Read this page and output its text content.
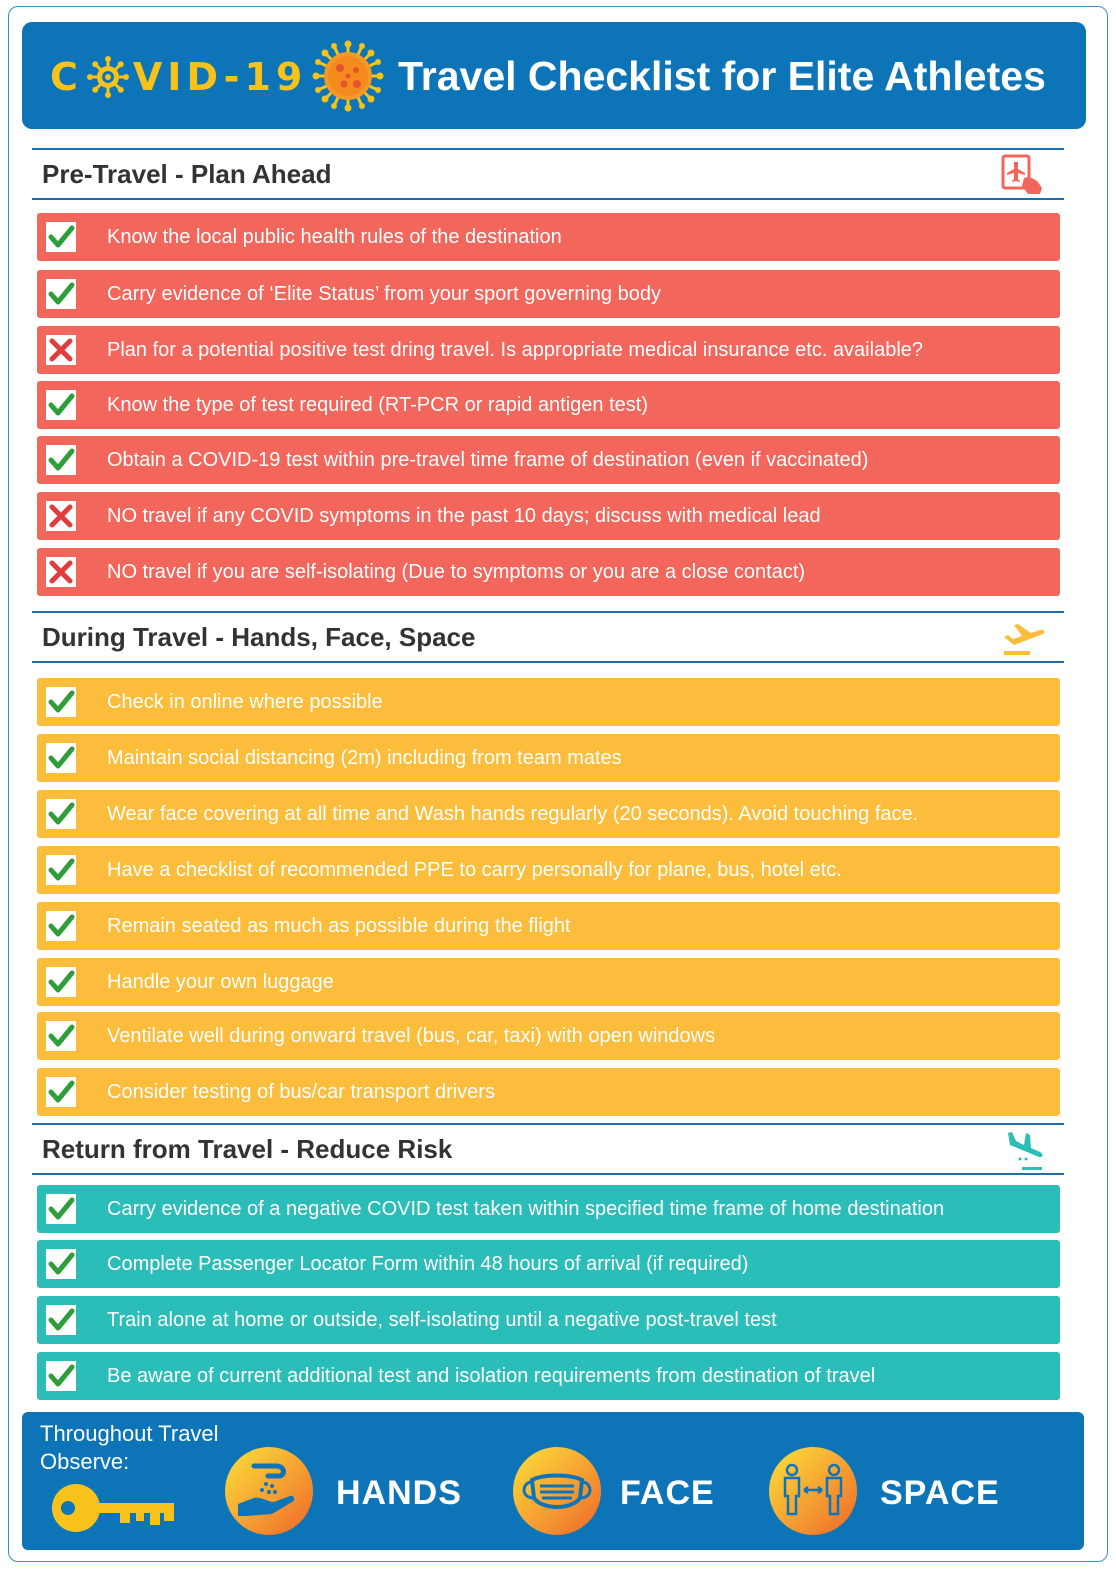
C VID-19 Travel Checklist for Elite Athletes
Pre-Travel - Plan Ahead
Know the local public health rules of the destination
Carry evidence of ‘Elite Status’ from your sport governing body
Plan for a potential positive test dring travel. Is appropriate medical insurance etc. available?
Know the type of test required (RT-PCR or rapid antigen test)
Obtain a COVID-19 test within pre-travel time frame of destination (even if vaccinated)
NO travel if any COVID symptoms in the past 10 days; discuss with medical lead
NO travel if you are self-isolating (Due to symptoms or you are a close contact)
During Travel - Hands, Face, Space
Check in online where possible
Maintain social distancing (2m) including from team mates
Wear face covering at all time and Wash hands regularly (20 seconds). Avoid touching face.
Have a checklist of recommended PPE to carry personally for plane, bus, hotel etc.
Remain seated as much as possible during the flight
Handle your own luggage
Ventilate well during onward travel (bus, car, taxi) with open windows
Consider testing of bus/car transport drivers
Return from Travel - Reduce Risk
Carry evidence of a negative COVID test taken within specified time frame of home destination
Complete Passenger Locator Form within 48 hours of arrival (if required)
Train alone at home or outside, self-isolating until a negative post-travel test
Be aware of current additional test and isolation requirements from destination of travel
Throughout Travel
Observe:
HANDS	FACE	SPACE
